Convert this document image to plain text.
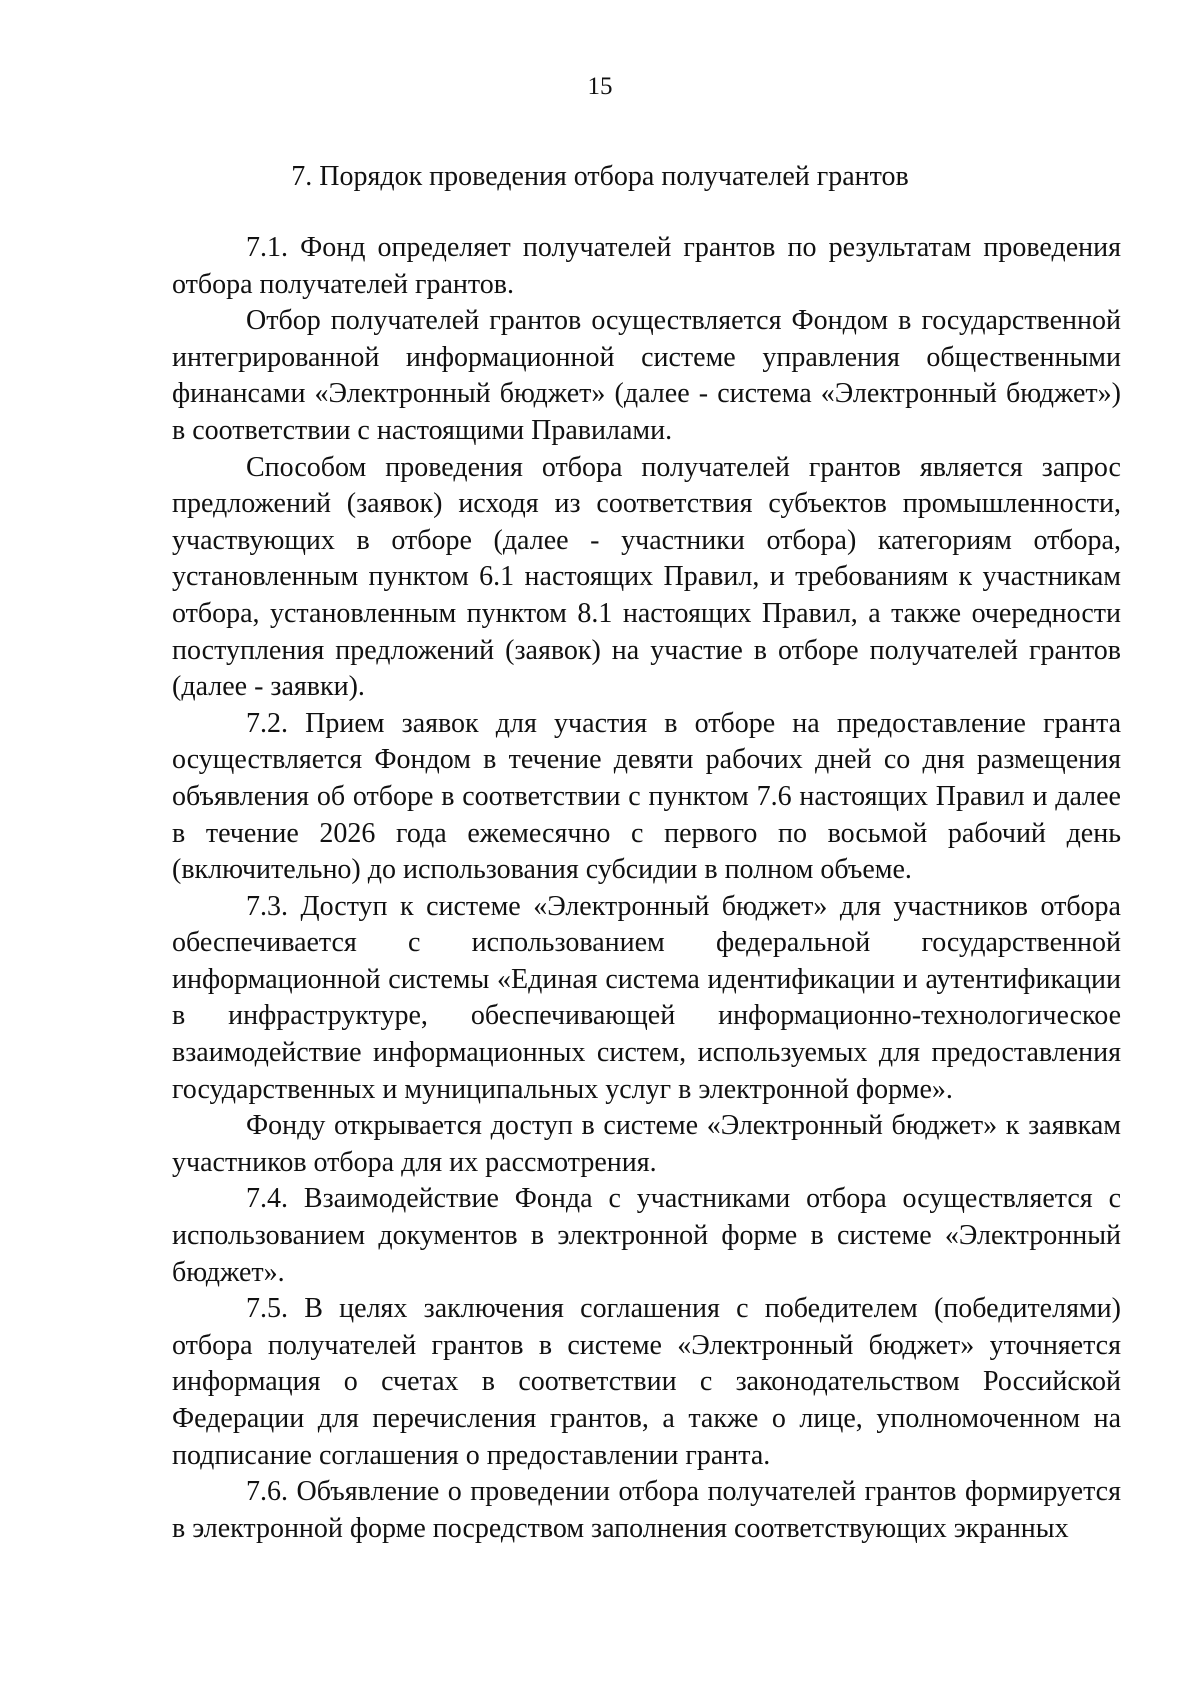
15
7. Порядок проведения отбора получателей грантов

7.1. Фонд определяет получателей грантов по результатам проведения отбора получателей грантов.

Отбор получателей грантов осуществляется Фондом в государственной интегрированной информационной системе управления общественными финансами «Электронный бюджет» (далее - система «Электронный бюджет») в соответствии с настоящими Правилами.

Способом проведения отбора получателей грантов является запрос предложений (заявок) исходя из соответствия субъектов промышленности, участвующих в отборе (далее - участники отбора) категориям отбора, установленным пунктом 6.1 настоящих Правил, и требованиям к участникам отбора, установленным пунктом 8.1 настоящих Правил, а также очередности поступления предложений (заявок) на участие в отборе получателей грантов (далее - заявки).

7.2. Прием заявок для участия в отборе на предоставление гранта осуществляется Фондом в течение девяти рабочих дней со дня размещения объявления об отборе в соответствии с пунктом 7.6 настоящих Правил и далее в течение 2026 года ежемесячно с первого по восьмой рабочий день (включительно) до использования субсидии в полном объеме.

7.3. Доступ к системе «Электронный бюджет» для участников отбора обеспечивается с использованием федеральной государственной информационной системы «Единая система идентификации и аутентификации в инфраструктуре, обеспечивающей информационно-технологическое взаимодействие информационных систем, используемых для предоставления государственных и муниципальных услуг в электронной форме».

Фонду открывается доступ в системе «Электронный бюджет» к заявкам участников отбора для их рассмотрения.

7.4. Взаимодействие Фонда с участниками отбора осуществляется с использованием документов в электронной форме в системе «Электронный бюджет».

7.5. В целях заключения соглашения с победителем (победителями) отбора получателей грантов в системе «Электронный бюджет» уточняется информация о счетах в соответствии с законодательством Российской Федерации для перечисления грантов, а также о лице, уполномоченном на подписание соглашения о предоставлении гранта.

7.6. Объявление о проведении отбора получателей грантов формируется в электронной форме посредством заполнения соответствующих экранных
